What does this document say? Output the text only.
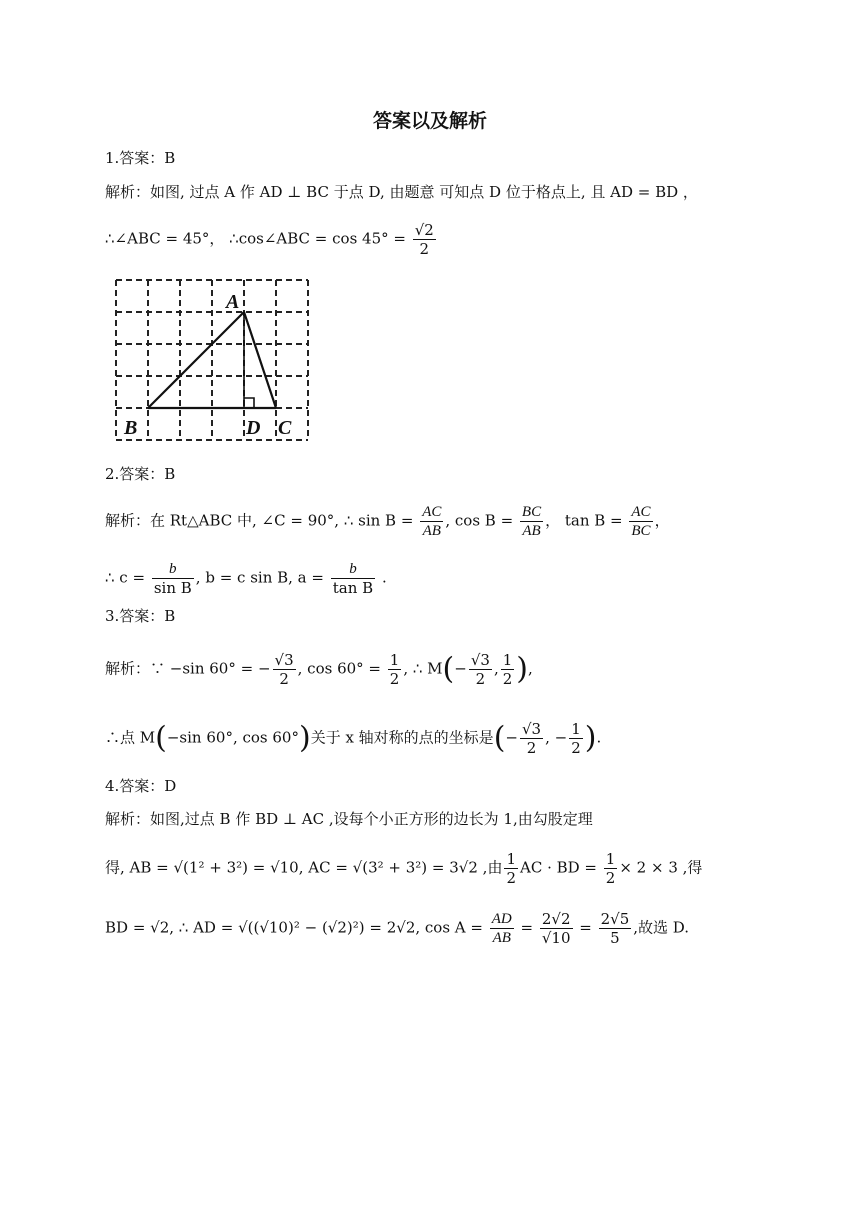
答案以及解析
1.答案：B
解析：如图, 过点 A 作 AD ⊥ BC 于点 D, 由题意 可知点 D 位于格点上, 且 AD = BD ，
∴∠ABC = 45°， ∴cos∠ABC = $\cos 45^\circ = \frac{√2}{2}$
A
B	D C
2.答案：B
解析：在 Rt△ABC 中, ∠C = 90°, ∴ $\sin B = \frac{AC}{AB}$ , $\cos B = \frac{BC}{AB}$ ， $\tan B = \frac{AC}{BC}$ ，
∴ $c = \frac{b}{\text{sin B}}$ , b = c sin B, $a = \frac{b}{\text{tan B}}$ .
3.答案：B
解析：∵ −sin 60° = − $\frac{√3}{2}$ , $\cos 60^\circ = \frac{1}{2}$ , ∴ $M(- \frac{√3}{2}$ , $\frac{1}{2}$ ),
∴点 M(−sin 60°, cos 60°)关于 x 轴对称的点的坐标是(− $\frac{√3}{2}$ , − $\frac{1}{2}$ ).
4.答案：D
解析：如图,过点 B 作 BD ⊥ AC ,设每个小正方形的边长为 1,由勾股定理
得, AB = √(1² + 3²) = √10, AC = √(3² + 3²) = 3√2 ,由 $\frac{1}{2}$ AC · BD = $\frac{1}{2} \times 2 \times 3$ ,得
BD = √2, ∴ AD = √((√10)² − (√2)²) = 2√2, $\cos A = \frac{AD}{AB} = \frac{2√2}{√10} = \frac{2√5}{5}$ ,故选 D.
